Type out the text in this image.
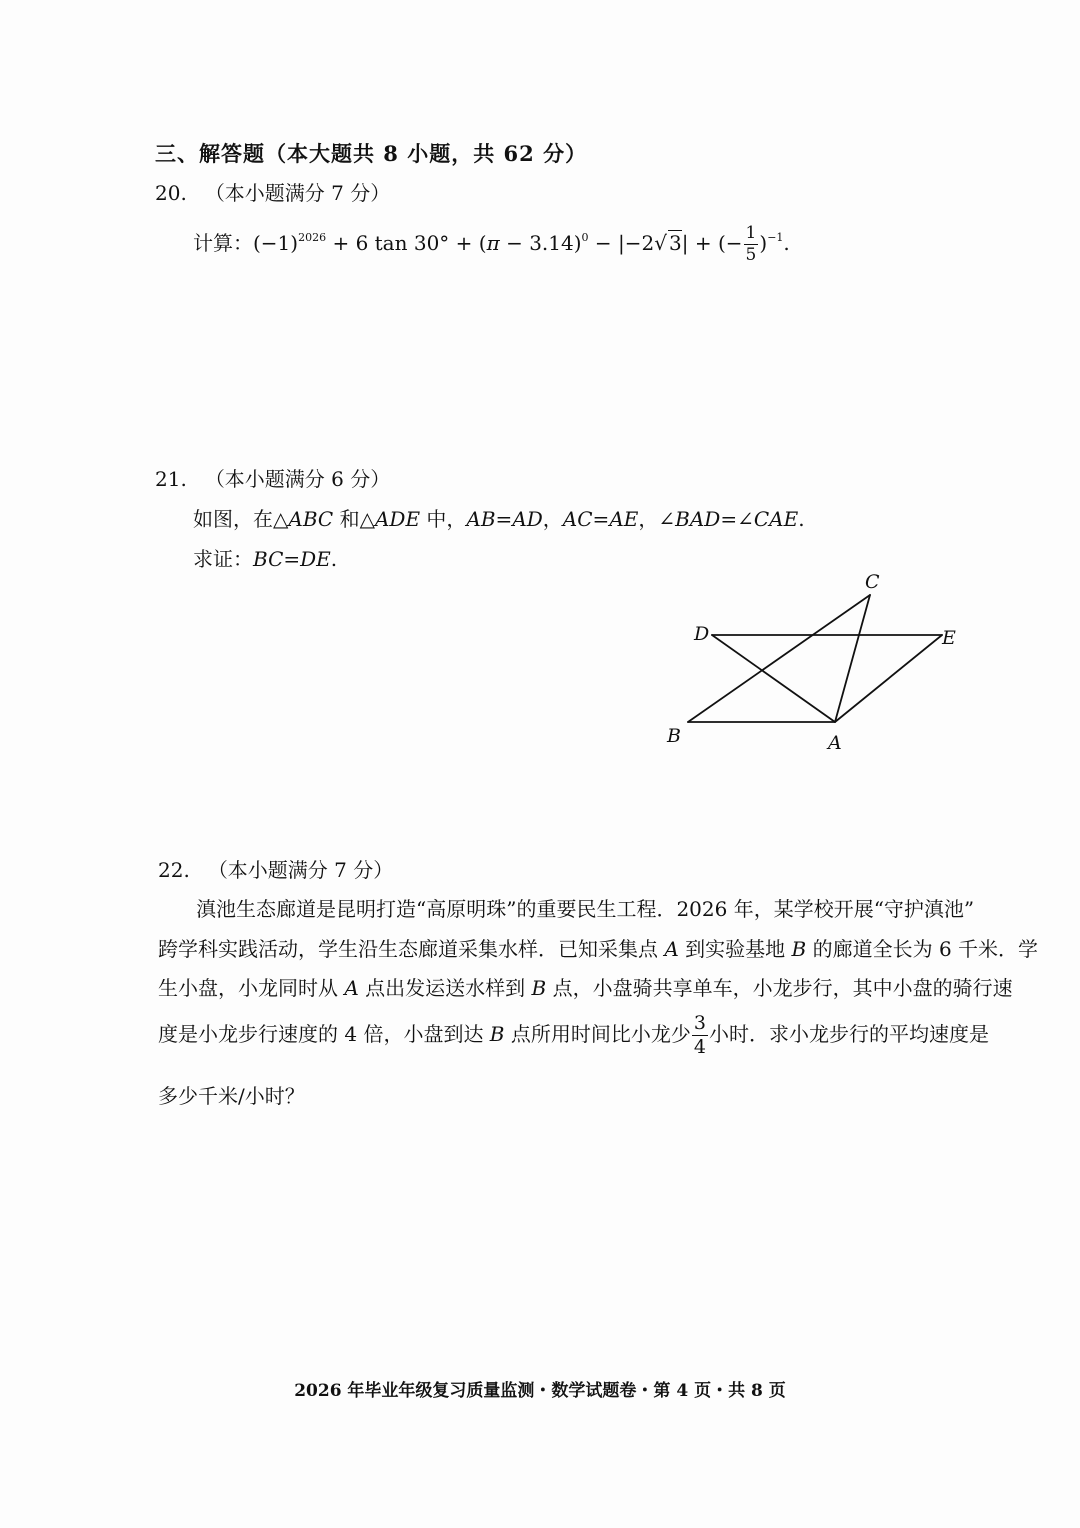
三、解答题（本大题共 8 小题，共 62 分）
20. （本小题满分 7 分）
计算：$(-1)^{2026} + 6$ $\tan 30^\circ + (\pi - 3.14)^0 - |-2√$ 3| + (− $\frac{1}{5} )^{-1}$.
21. （本小题满分 6 分）
如图，在△ABC 和△ADE 中，AB=AD，AC=AE，∠BAD=∠CAE.
求证：BC=DE.
C
D	E
B	A
22. （本小题满分 7 分）
滇池生态廊道是昆明打造“高原明珠”的重要民生工程．2026 年，某学校开展“守护滇池”
跨学科实践活动，学生沿生态廊道采集水样．已知采集点 A 到实验基地 B 的廊道全长为 6 千米．学
生小盘，小龙同时从 A 点出发运送水样到 B 点，小盘骑共享单车，小龙步行，其中小盘的骑行速
度是小龙步行速度的 4 倍，小盘到达 B 点所用时间比小龙少 $\frac{3}{4}$ 小时．求小龙步行的平均速度是
多少千米/小时？
2026 年毕业年级复习质量监测・数学试题卷・第 4 页・共 8 页
